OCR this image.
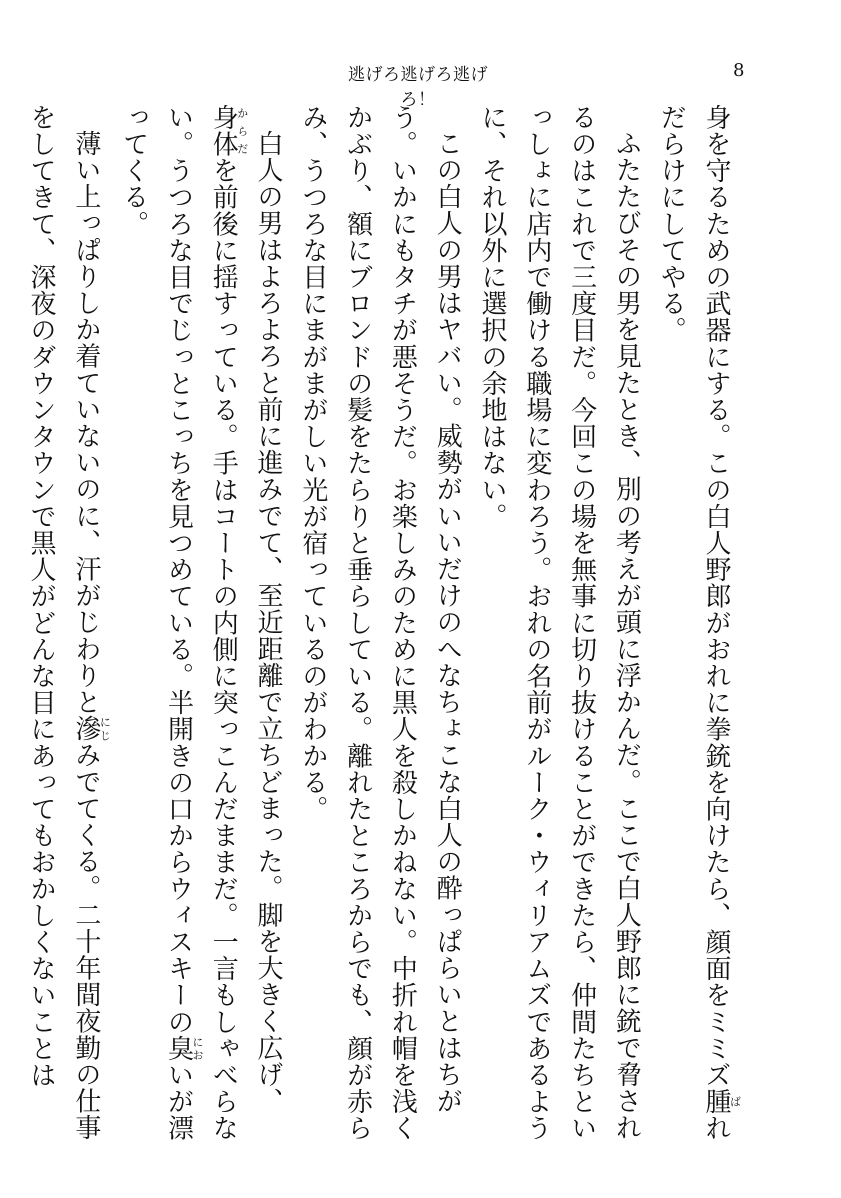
逃げろ逃げろ逃げろ！
8

身を守るための武器にする。この白人野郎がおれに拳銃を向けたら、顔面をミミズ腫ばれだらけにしてやる。

ふたたびその男を見たとき、別の考えが頭に浮かんだ。ここで白人野郎に銃で脅されるのはこれで三度目だ。今回この場を無事に切り抜けることができたら、仲間たちといっしょに店内で働ける職場に変わろう。おれの名前がルーク・ウィリアムズであるように、それ以外に選択の余地はない。

この白人の男はヤバい。威勢がいいだけのへなちょこな白人の酔っぱらいとはちがう。いかにもタチが悪そうだ。お楽しみのために黒人を殺しかねない。中折れ帽を浅くかぶり、額にブロンドの髪をたらりと垂らしている。離れたところからでも、顔が赤らみ、うつろな目にまがまがしい光が宿っているのがわかる。

白人の男はよろよろと前に進みでて、至近距離で立ちどまった。脚を大きく広げ、身体からだを前後に揺すっている。手はコートの内側に突っこんだままだ。一言もしゃべらない。うつろな目でじっとこっちを見つめている。半開きの口からウィスキーの臭においが漂ってくる。

薄い上っぱりしか着ていないのに、汗がじわりと滲にじみでてくる。二十年間夜勤の仕事をしてきて、深夜のダウンタウンで黒人がどんな目にあってもおかしくないことは
